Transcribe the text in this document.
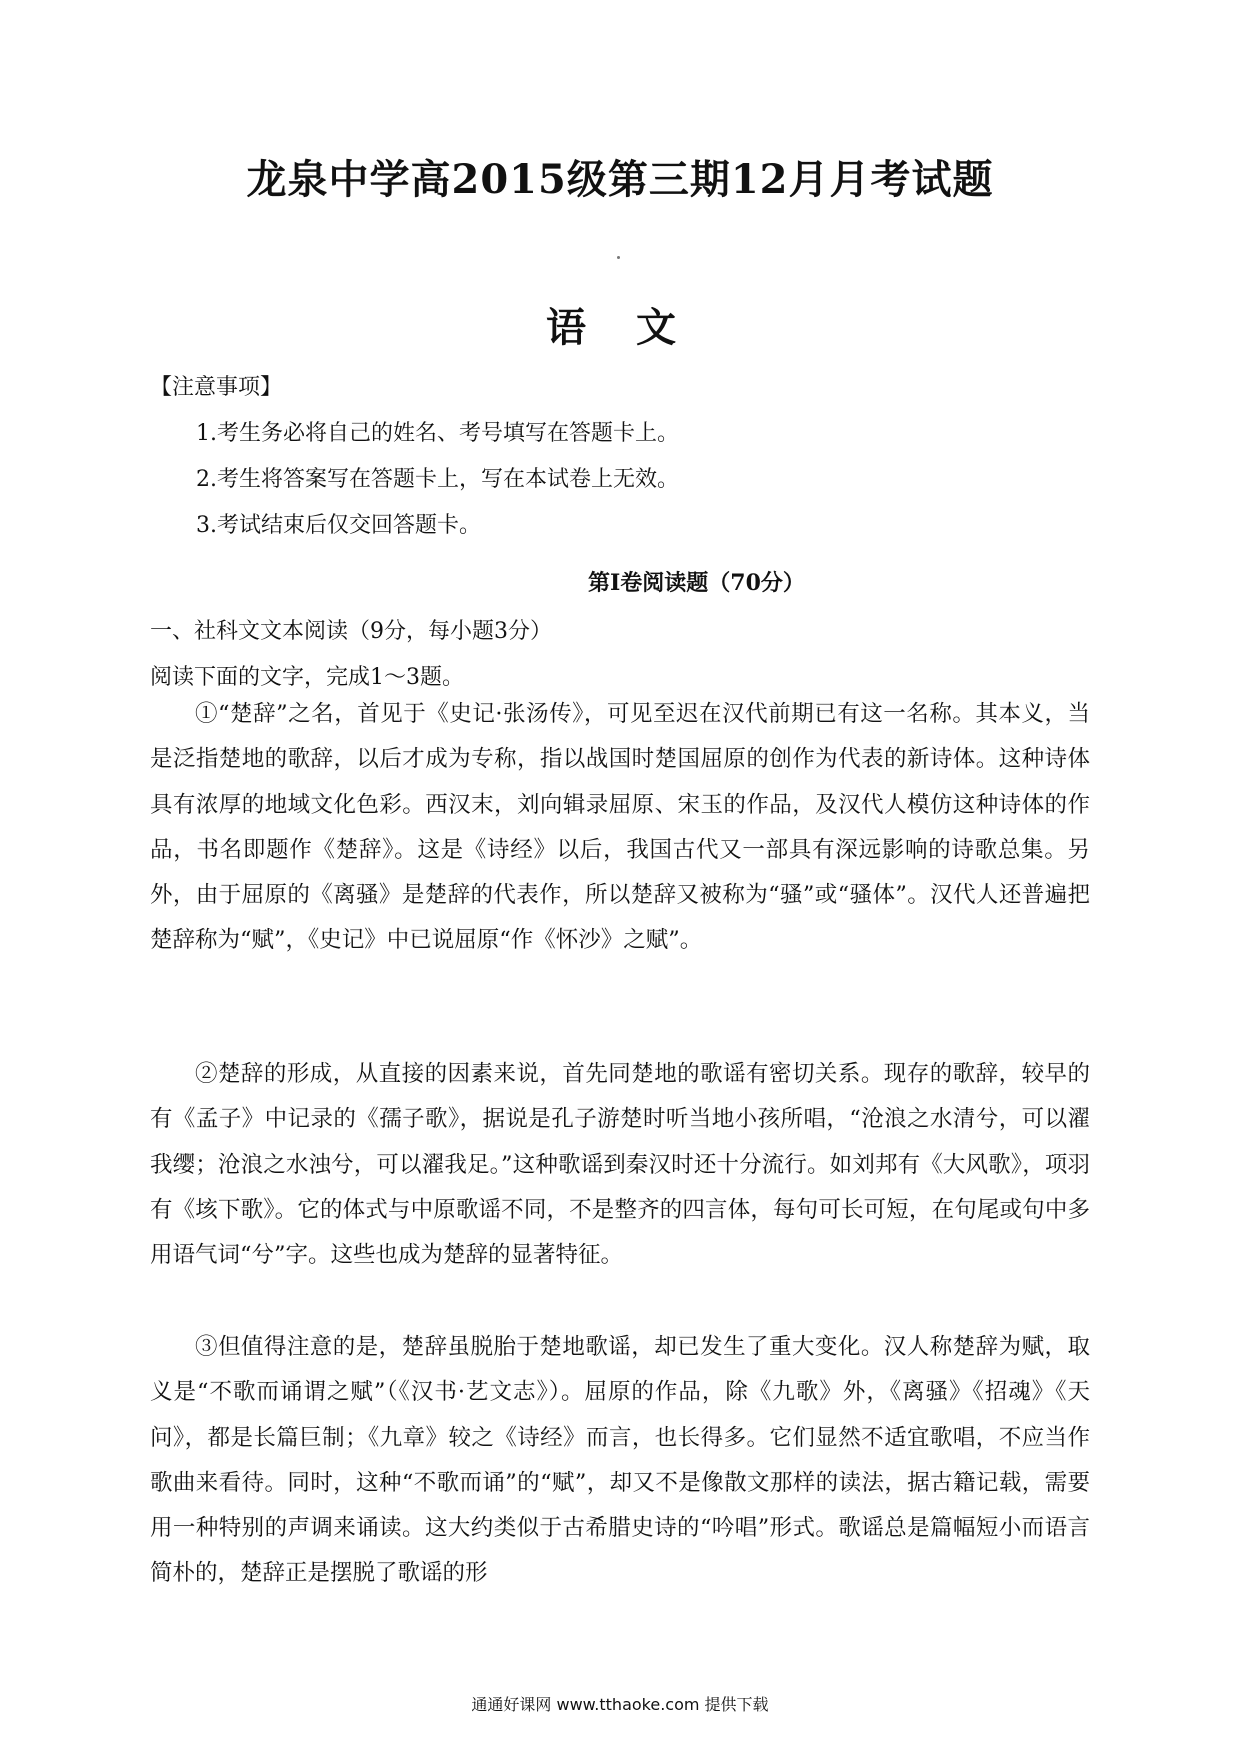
龙泉中学高2015级第三期12月月考试题
语 文
【注意事项】
1.考生务必将自己的姓名、考号填写在答题卡上。
2.考生将答案写在答题卡上，写在本试卷上无效。
3.考试结束后仅交回答题卡。
第Ⅰ卷阅读题（70分）
一、社科文文本阅读（9分，每小题3分）
阅读下面的文字，完成1～3题。

①“楚辞”之名，首见于《史记·张汤传》，可见至迟在汉代前期已有这一名称。其本义，当是泛指楚地的歌辞，以后才成为专称，指以战国时楚国屈原的创作为代表的新诗体。这种诗体具有浓厚的地域文化色彩。西汉末，刘向辑录屈原、宋玉的作品，及汉代人模仿这种诗体的作品，书名即题作《楚辞》。这是《诗经》以后，我国古代又一部具有深远影响的诗歌总集。另外，由于屈原的《离骚》是楚辞的代表作，所以楚辞又被称为“骚”或“骚体”。汉代人还普遍把楚辞称为“赋”，《史记》中已说屈原“作《怀沙》之赋”。

②楚辞的形成，从直接的因素来说，首先同楚地的歌谣有密切关系。现存的歌辞，较早的有《孟子》中记录的《孺子歌》，据说是孔子游楚时听当地小孩所唱，“沧浪之水清兮，可以濯我缨；沧浪之水浊兮，可以濯我足。”这种歌谣到秦汉时还十分流行。如刘邦有《大风歌》，项羽有《垓下歌》。它的体式与中原歌谣不同，不是整齐的四言体，每句可长可短，在句尾或句中多用语气词“兮”字。这些也成为楚辞的显著特征。

③但值得注意的是，楚辞虽脱胎于楚地歌谣，却已发生了重大变化。汉人称楚辞为赋，取义是“不歌而诵谓之赋”（《汉书·艺文志》）。屈原的作品，除《九歌》外，《离骚》《招魂》《天问》，都是长篇巨制；《九章》较之《诗经》而言，也长得多。它们显然不适宜歌唱，不应当作歌曲来看待。同时，这种“不歌而诵”的“赋”，却又不是像散文那样的读法，据古籍记载，需要用一种特别的声调来诵读。这大约类似于古希腊史诗的“吟唱”形式。歌谣总是篇幅短小而语言简朴的，楚辞正是摆脱了歌谣的形

通通好课网 www.tthaoke.com 提供下载
